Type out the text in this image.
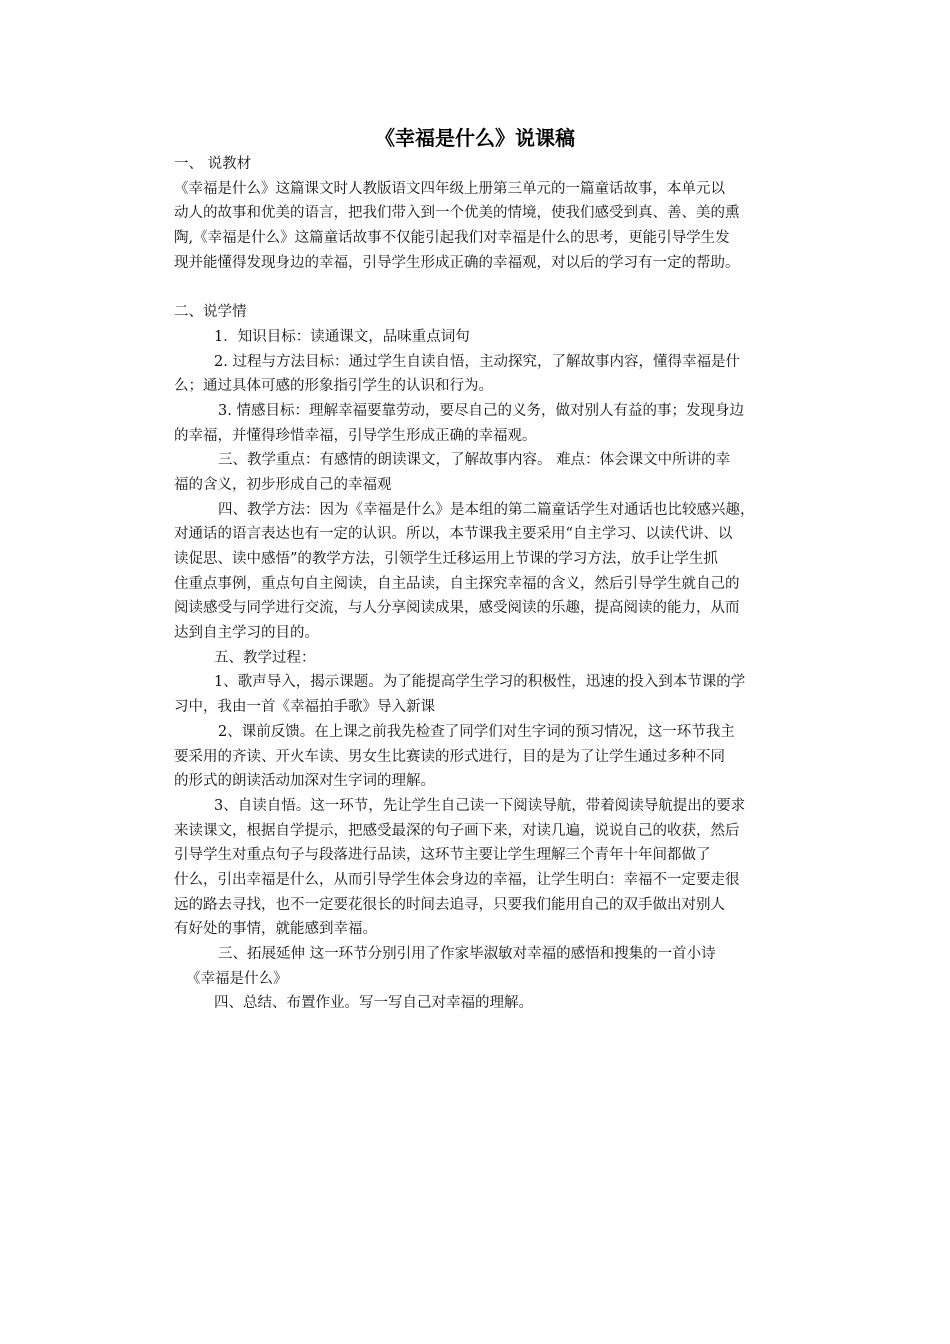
《幸福是什么》说课稿
一、 说教材
《幸福是什么》这篇课文时人教版语文四年级上册第三单元的一篇童话故事，本单元以
动人的故事和优美的语言，把我们带入到一个优美的情境，使我们感受到真、善、美的熏
陶,《幸福是什么》这篇童话故事不仅能引起我们对幸福是什么的思考，更能引导学生发
现并能懂得发现身边的幸福，引导学生形成正确的幸福观，对以后的学习有一定的帮助。
二、说学情
1．知识目标：读通课文，品味重点词句
2. 过程与方法目标：通过学生自读自悟，主动探究，了解故事内容，懂得幸福是什
么；通过具体可感的形象指引学生的认识和行为。
3. 情感目标：理解幸福要靠劳动，要尽自己的义务，做对别人有益的事；发现身边
的幸福，并懂得珍惜幸福，引导学生形成正确的幸福观。
三、教学重点：有感情的朗读课文，了解故事内容。 难点：体会课文中所讲的幸
福的含义，初步形成自己的幸福观
四、教学方法：因为《幸福是什么》是本组的第二篇童话学生对通话也比较感兴趣，
对通话的语言表达也有一定的认识。所以，本节课我主要采用“自主学习、以读代讲、以
读促思、读中感悟”的教学方法，引领学生迁移运用上节课的学习方法，放手让学生抓
住重点事例，重点句自主阅读，自主品读，自主探究幸福的含义，然后引导学生就自己的
阅读感受与同学进行交流，与人分享阅读成果，感受阅读的乐趣，提高阅读的能力，从而
达到自主学习的目的。
五、教学过程：
1、歌声导入，揭示课题。为了能提高学生学习的积极性，迅速的投入到本节课的学
习中，我由一首《幸福拍手歌》导入新课
2、课前反馈。在上课之前我先检查了同学们对生字词的预习情况，这一环节我主
要采用的齐读、开火车读、男女生比赛读的形式进行，目的是为了让学生通过多种不同
的形式的朗读活动加深对生字词的理解。
3、自读自悟。这一环节，先让学生自己读一下阅读导航，带着阅读导航提出的要求
来读课文，根据自学提示，把感受最深的句子画下来，对读几遍，说说自己的收获，然后
引导学生对重点句子与段落进行品读，这环节主要让学生理解三个青年十年间都做了
什么，引出幸福是什么，从而引导学生体会身边的幸福，让学生明白：幸福不一定要走很
远的路去寻找，也不一定要花很长的时间去追寻，只要我们能用自己的双手做出对别人
有好处的事情，就能感到幸福。
三、拓展延伸 这一环节分别引用了作家毕淑敏对幸福的感悟和搜集的一首小诗
《幸福是什么》
四、总结、布置作业。写一写自己对幸福的理解。
